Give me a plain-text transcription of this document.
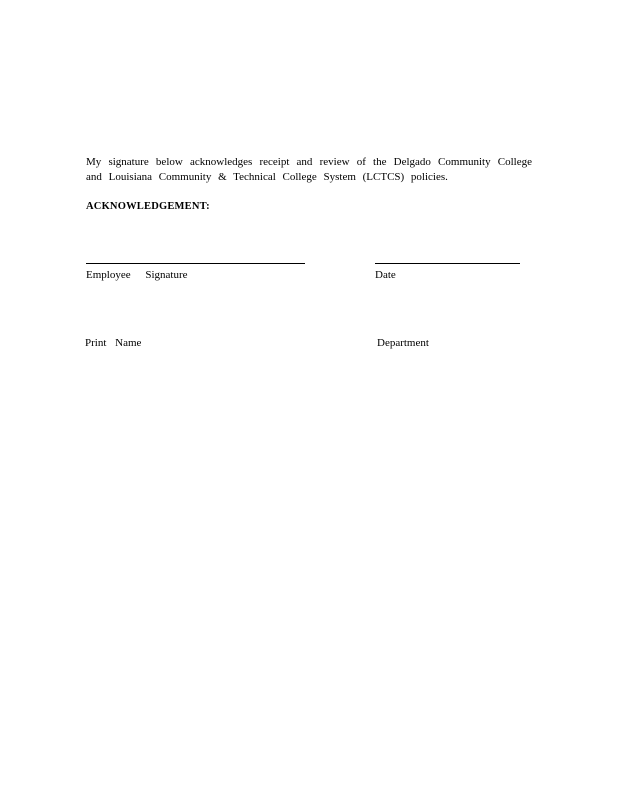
My signature below acknowledges receipt and review of the Delgado Community College
and Louisiana Community & Technical College System (LCTCS) policies.

ACKNOWLEDGEMENT:
Employee Signature	Date
Print Name	Department
